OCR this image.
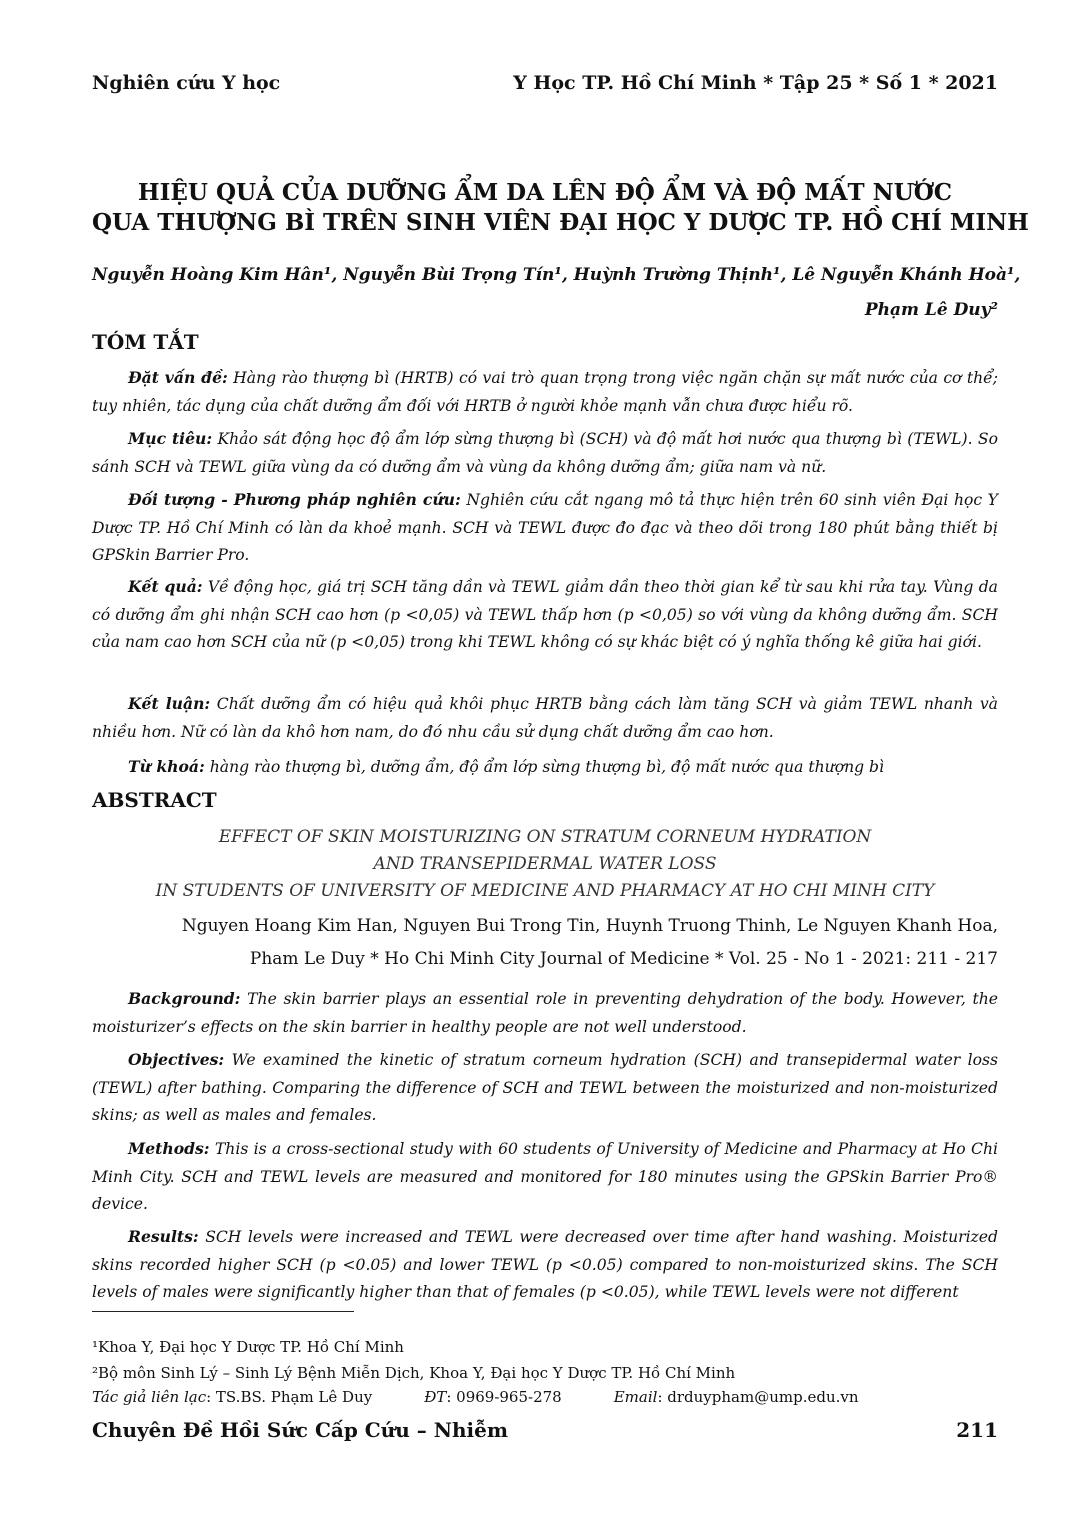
Nghiên cứu Y học	Y Học TP. Hồ Chí Minh * Tập 25 * Số 1 * 2021
HIỆU QUẢ CỦA DƯỠNG ẨM DA LÊN ĐỘ ẨM VÀ ĐỘ MẤT NƯỚC
QUA THƯỢNG BÌ TRÊN SINH VIÊN ĐẠI HỌC Y DƯỢC TP. HỒ CHÍ MINH
Nguyễn Hoàng Kim Hân¹, Nguyễn Bùi Trọng Tín¹, Huỳnh Trường Thịnh¹, Lê Nguyễn Khánh Hoà¹,
Phạm Lê Duy²
TÓM TẮT
Đặt vấn đề: Hàng rào thượng bì (HRTB) có vai trò quan trọng trong việc ngăn chặn sự mất nước của cơ thể; tuy nhiên, tác dụng của chất dưỡng ẩm đối với HRTB ở người khỏe mạnh vẫn chưa được hiểu rõ.
Mục tiêu: Khảo sát động học độ ẩm lớp sừng thượng bì (SCH) và độ mất hơi nước qua thượng bì (TEWL). So sánh SCH và TEWL giữa vùng da có dưỡng ẩm và vùng da không dưỡng ẩm; giữa nam và nữ.
Đối tượng - Phương pháp nghiên cứu: Nghiên cứu cắt ngang mô tả thực hiện trên 60 sinh viên Đại học Y Dược TP. Hồ Chí Minh có làn da khoẻ mạnh. SCH và TEWL được đo đạc và theo dõi trong 180 phút bằng thiết bị GPSkin Barrier Pro.
Kết quả: Về động học, giá trị SCH tăng dần và TEWL giảm dần theo thời gian kể từ sau khi rửa tay. Vùng da có dưỡng ẩm ghi nhận SCH cao hơn (p <0,05) và TEWL thấp hơn (p <0,05) so với vùng da không dưỡng ẩm. SCH của nam cao hơn SCH của nữ (p <0,05) trong khi TEWL không có sự khác biệt có ý nghĩa thống kê giữa hai giới.
Kết luận: Chất dưỡng ẩm có hiệu quả khôi phục HRTB bằng cách làm tăng SCH và giảm TEWL nhanh và nhiều hơn. Nữ có làn da khô hơn nam, do đó nhu cầu sử dụng chất dưỡng ẩm cao hơn.
Từ khoá: hàng rào thượng bì, dưỡng ẩm, độ ẩm lớp sừng thượng bì, độ mất nước qua thượng bì
ABSTRACT
EFFECT OF SKIN MOISTURIZING ON STRATUM CORNEUM HYDRATION
AND TRANSEPIDERMAL WATER LOSS
IN STUDENTS OF UNIVERSITY OF MEDICINE AND PHARMACY AT HO CHI MINH CITY
Nguyen Hoang Kim Han, Nguyen Bui Trong Tin, Huynh Truong Thinh, Le Nguyen Khanh Hoa,
Pham Le Duy * Ho Chi Minh City Journal of Medicine * Vol. 25 - No 1 - 2021: 211 - 217
Background: The skin barrier plays an essential role in preventing dehydration of the body. However, the moisturizer’s effects on the skin barrier in healthy people are not well understood.
Objectives: We examined the kinetic of stratum corneum hydration (SCH) and transepidermal water loss (TEWL) after bathing. Comparing the difference of SCH and TEWL between the moisturized and non-moisturized skins; as well as males and females.
Methods: This is a cross-sectional study with 60 students of University of Medicine and Pharmacy at Ho Chi Minh City. SCH and TEWL levels are measured and monitored for 180 minutes using the GPSkin Barrier Pro® device.
Results: SCH levels were increased and TEWL were decreased over time after hand washing. Moisturized skins recorded higher SCH (p <0.05) and lower TEWL (p <0.05) compared to non-moisturized skins. The SCH levels of males were significantly higher than that of females (p <0.05), while TEWL levels were not different
¹Khoa Y, Đại học Y Dược TP. Hồ Chí Minh
²Bộ môn Sinh Lý – Sinh Lý Bệnh Miễn Dịch, Khoa Y, Đại học Y Dược TP. Hồ Chí Minh
Tác giả liên lạc: TS.BS. Phạm Lê Duy	ĐT: 0969-965-278	Email: drduypham@ump.edu.vn
Chuyên Đề Hồi Sức Cấp Cứu – Nhiễm	211
